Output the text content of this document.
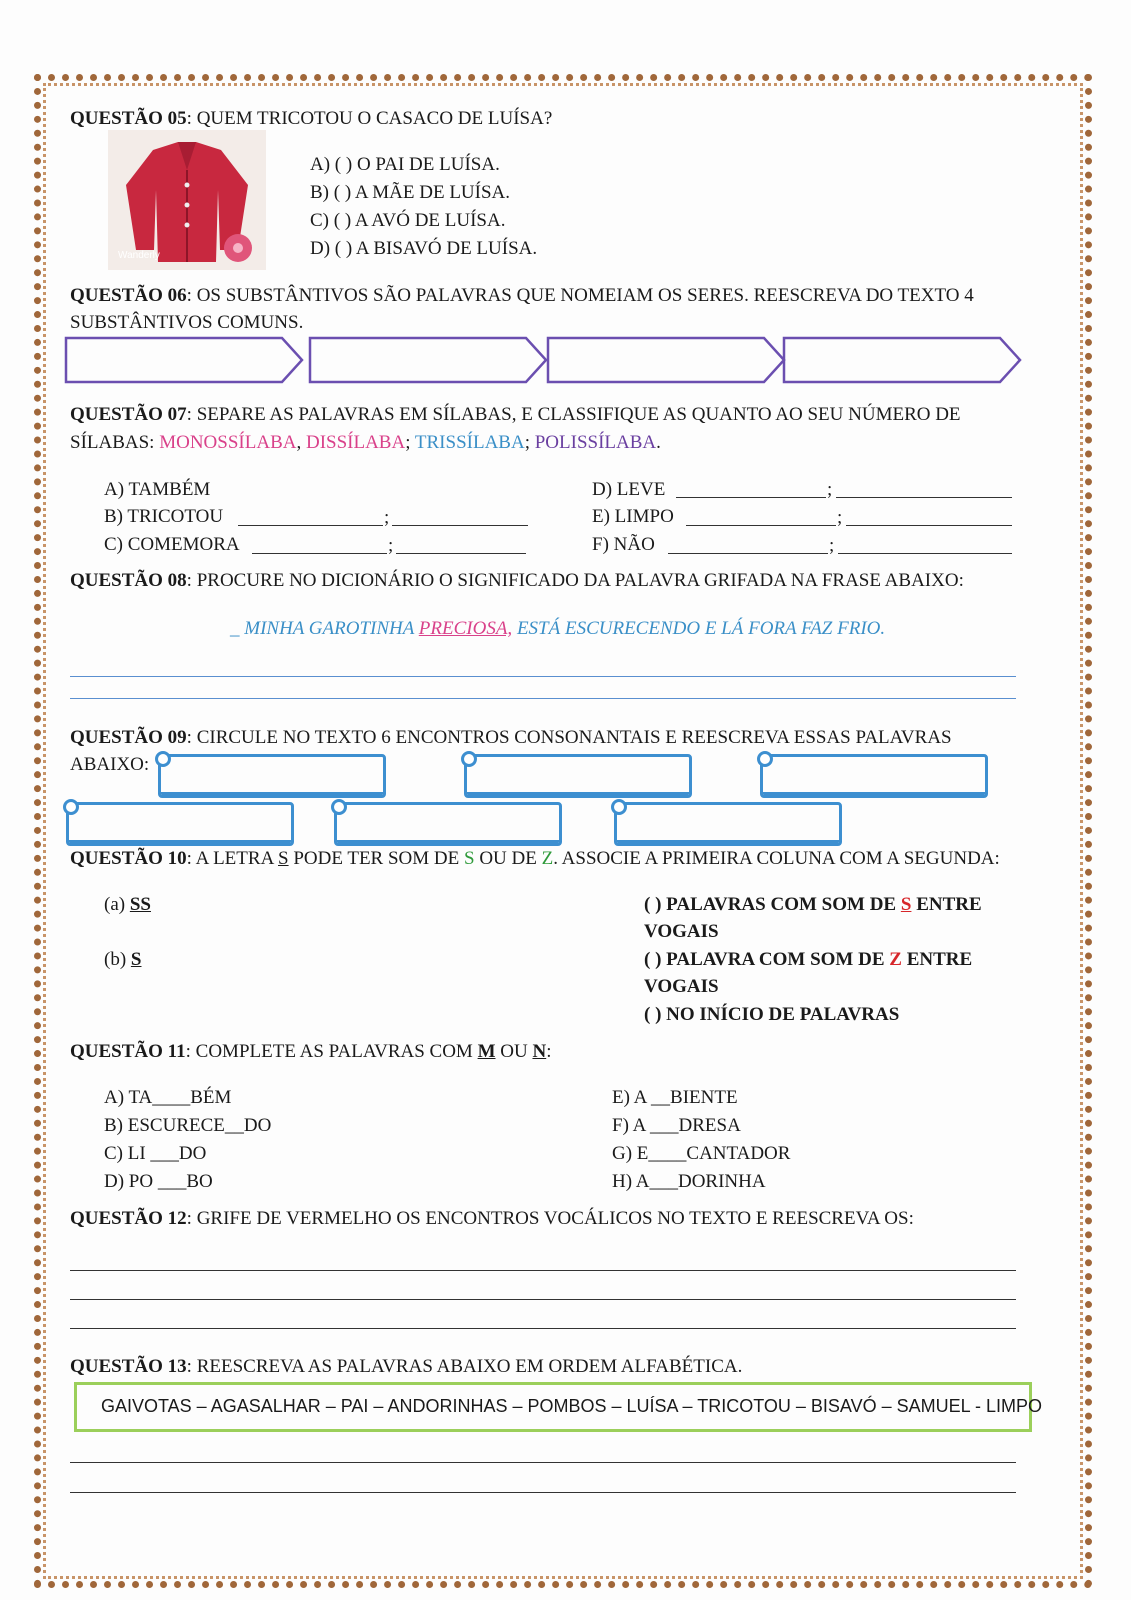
QUESTÃO 05: QUEM TRICOTOU O CASACO DE LUÍSA?
Wanderly
A) ( ) O PAI DE LUÍSA.
B) ( ) A MÃE DE LUÍSA.
C) ( ) A AVÓ DE LUÍSA.
D) ( ) A BISAVÓ DE LUÍSA.
QUESTÃO 06: OS SUBSTÂNTIVOS SÃO PALAVRAS QUE NOMEIAM OS SERES. REESCREVA DO TEXTO 4
SUBSTÂNTIVOS COMUNS.
QUESTÃO 07: SEPARE AS PALAVRAS EM SÍLABAS, E CLASSIFIQUE AS QUANTO AO SEU NÚMERO DE
SÍLABAS: MONOSSÍLABA, DISSÍLABA; TRISSÍLABA; POLISSÍLABA.
A) TAMBÉM
B) TRICOTOU
C) COMEMORA
;
;
D) LEVE
E) LIMPO
F) NÃO
;
;
;
QUESTÃO 08: PROCURE NO DICIONÁRIO O SIGNIFICADO DA PALAVRA GRIFADA NA FRASE ABAIXO:
_ MINHA GAROTINHA PRECIOSA, ESTÁ ESCURECENDO E LÁ FORA FAZ FRIO.
QUESTÃO 09: CIRCULE NO TEXTO 6 ENCONTROS CONSONANTAIS E REESCREVA ESSAS PALAVRAS
ABAIXO:
QUESTÃO 10: A LETRA S PODE TER SOM DE S OU DE Z. ASSOCIE A PRIMEIRA COLUNA COM A SEGUNDA:
(a) SS
(b) S
( ) PALAVRAS COM SOM DE S ENTRE
VOGAIS
( ) PALAVRA COM SOM DE Z ENTRE
VOGAIS
( ) NO INÍCIO DE PALAVRAS
QUESTÃO 11: COMPLETE AS PALAVRAS COM M OU N:
A) TA____BÉM
B) ESCURECE__DO
C) LI ___DO
D) PO ___BO
E) A __BIENTE
F) A ___DRESA
G) E____CANTADOR
H) A___DORINHA
QUESTÃO 12: GRIFE DE VERMELHO OS ENCONTROS VOCÁLICOS NO TEXTO E REESCREVA OS:
QUESTÃO 13: REESCREVA AS PALAVRAS ABAIXO EM ORDEM ALFABÉTICA.
GAIVOTAS – AGASALHAR – PAI – ANDORINHAS – POMBOS – LUÍSA – TRICOTOU – BISAVÓ – SAMUEL - LIMPO
